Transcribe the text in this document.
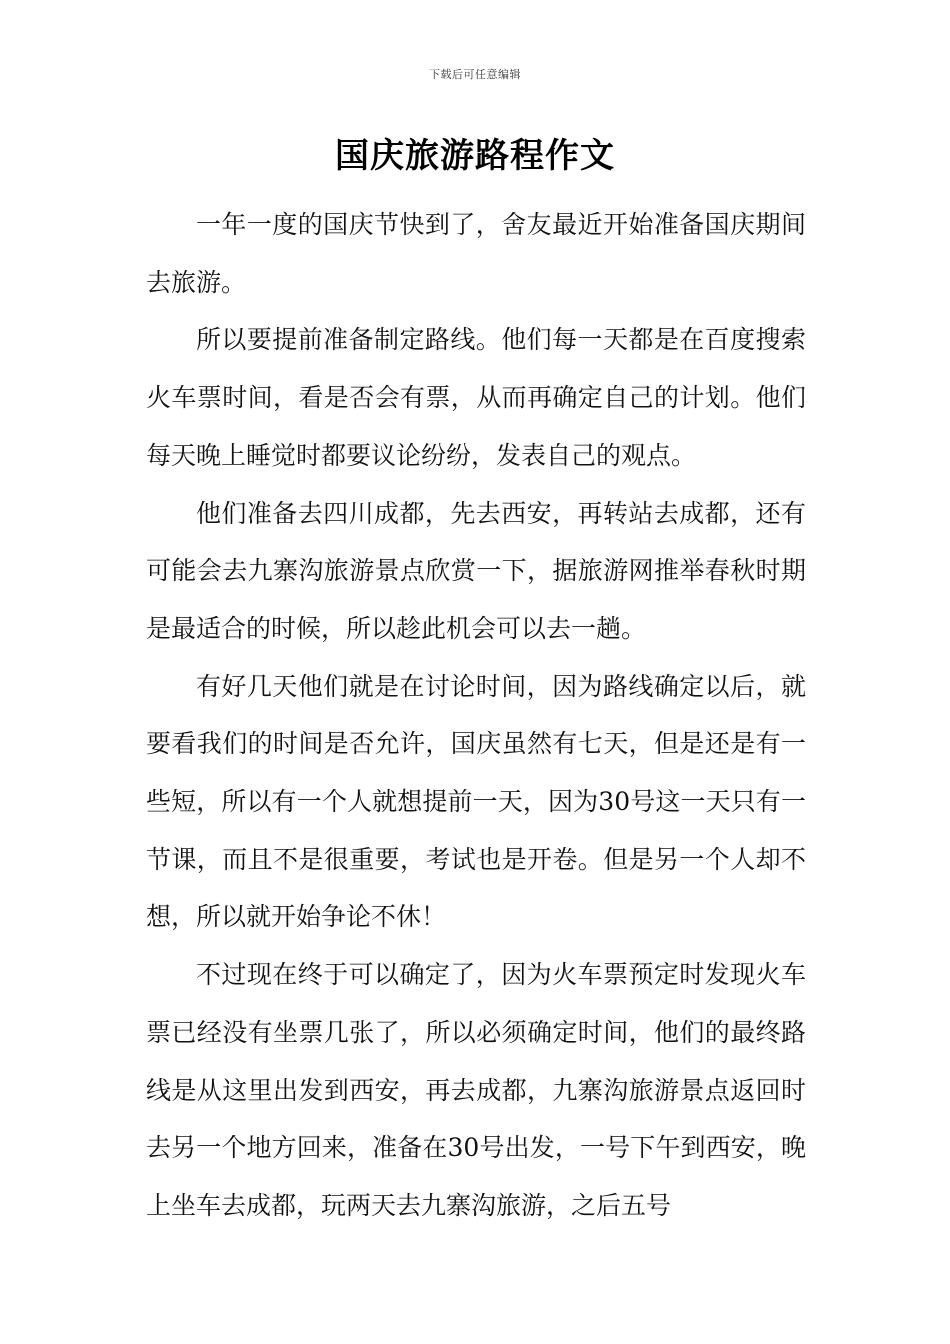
下载后可任意编辑
国庆旅游路程作文

一年一度的国庆节快到了，舍友最近开始准备国庆期间去旅游。

所以要提前准备制定路线。他们每一天都是在百度搜索火车票时间，看是否会有票，从而再确定自己的计划。他们每天晚上睡觉时都要议论纷纷，发表自己的观点。

他们准备去四川成都，先去西安，再转站去成都，还有可能会去九寨沟旅游景点欣赏一下，据旅游网推举春秋时期是最适合的时候，所以趁此机会可以去一趟。

有好几天他们就是在讨论时间，因为路线确定以后，就要看我们的时间是否允许，国庆虽然有七天，但是还是有一些短，所以有一个人就想提前一天，因为30号这一天只有一节课，而且不是很重要，考试也是开卷。但是另一个人却不想，所以就开始争论不休！

不过现在终于可以确定了，因为火车票预定时发现火车票已经没有坐票几张了，所以必须确定时间，他们的最终路线是从这里出发到西安，再去成都，九寨沟旅游景点返回时去另一个地方回来，准备在30号出发，一号下午到西安，晚上坐车去成都，玩两天去九寨沟旅游，之后五号
